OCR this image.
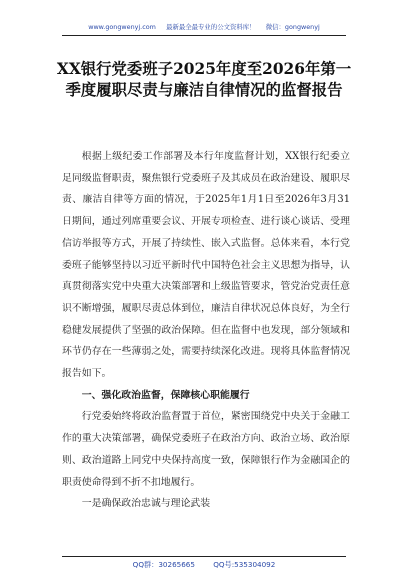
www.gongwenyj.com 最新最全最专业的公文资料库！ 微信：gongwenyj
XX银行党委班子2025年度至2026年第一季度履职尽责与廉洁自律情况的监督报告

根据上级纪委工作部署及本行年度监督计划，XX银行纪委立足同级监督职责，聚焦银行党委班子及其成员在政治建设、履职尽责、廉洁自律等方面的情况，于2025年1月1日至2026年3月31日期间，通过列席重要会议、开展专项检查、进行谈心谈话、受理信访举报等方式，开展了持续性、嵌入式监督。总体来看，本行党委班子能够坚持以习近平新时代中国特色社会主义思想为指导，认真贯彻落实党中央重大决策部署和上级监管要求，管党治党责任意识不断增强，履职尽责总体到位，廉洁自律状况总体良好，为全行稳健发展提供了坚强的政治保障。但在监督中也发现，部分领域和环节仍存在一些薄弱之处，需要持续深化改进。现将具体监督情况报告如下。

一、强化政治监督，保障核心职能履行

行党委始终将政治监督置于首位，紧密围绕党中央关于金融工作的重大决策部署，确保党委班子在政治方向、政治立场、政治原则、政治道路上同党中央保持高度一致，保障银行作为金融国企的职责使命得到不折不扣地履行。

一是确保政治忠诚与理论武装

QQ群：30265665	QQ号:535304092
